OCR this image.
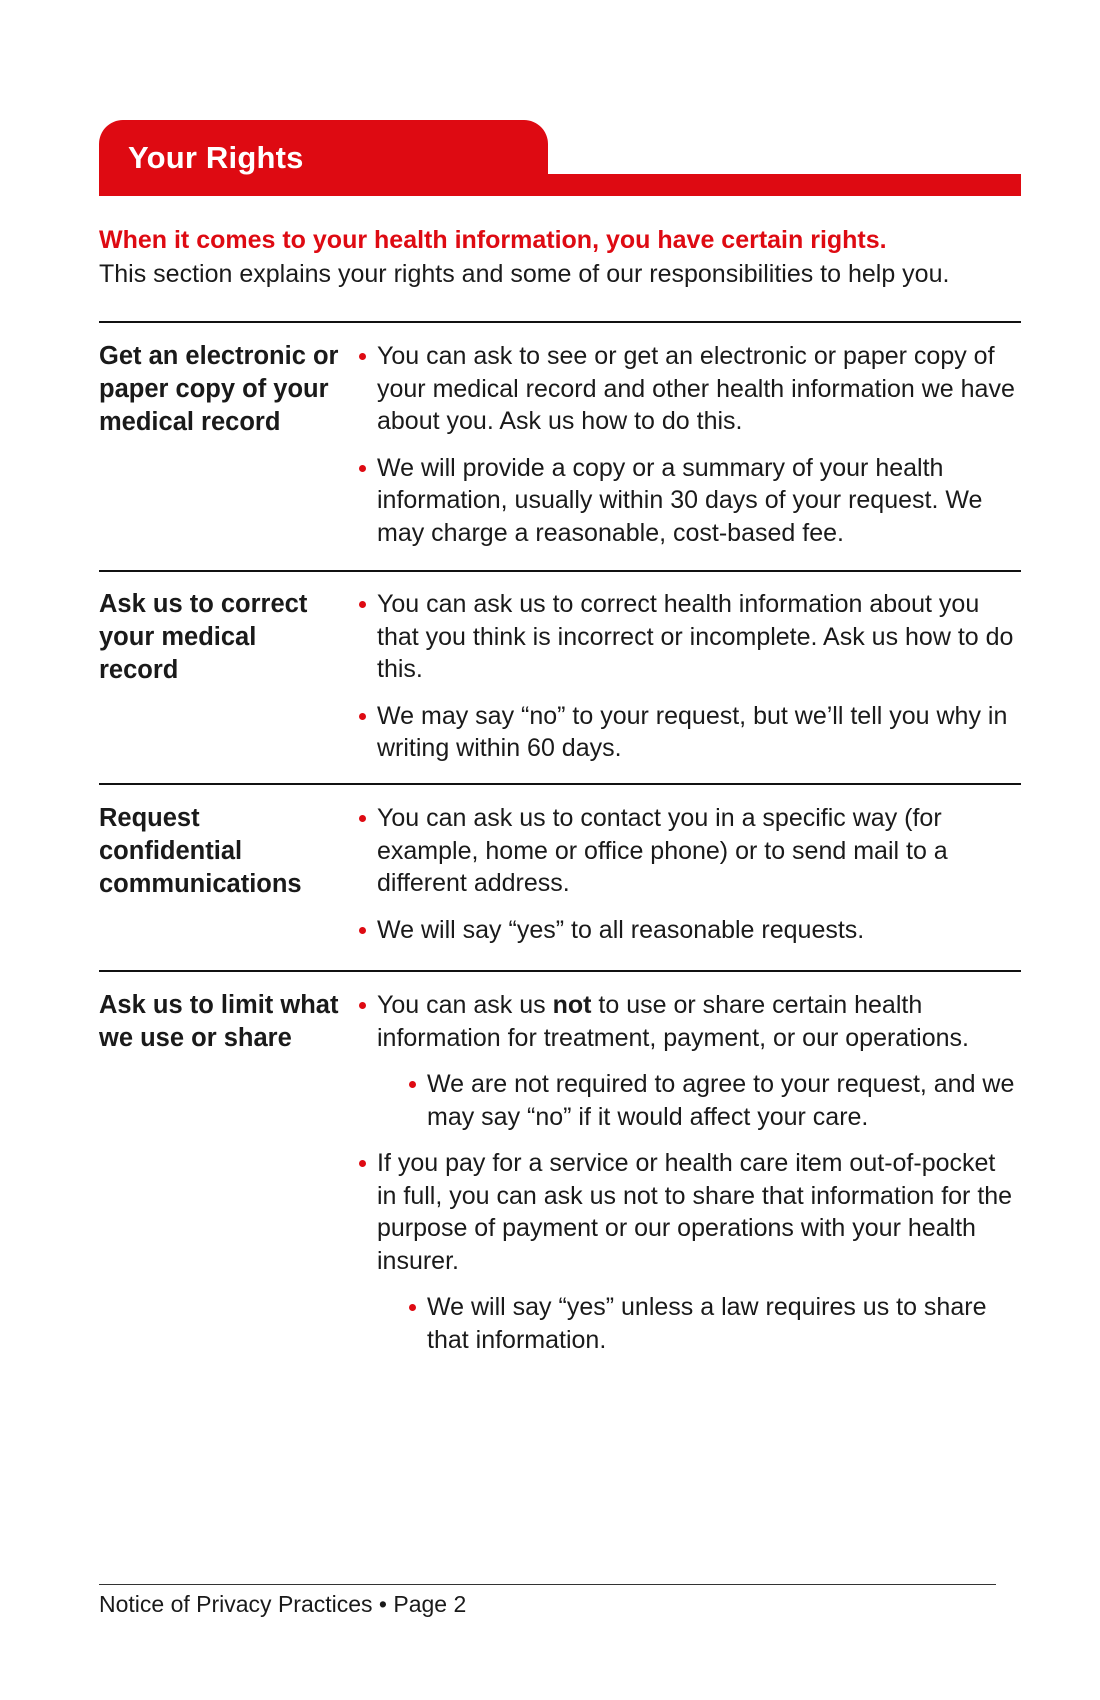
Your Rights

When it comes to your health information, you have certain rights.

This section explains your rights and some of our responsibilities to help you.

Get an electronic or paper copy of your medical record

You can ask to see or get an electronic or paper copy of your medical record and other health information we have about you. Ask us how to do this.

We will provide a copy or a summary of your health information, usually within 30 days of your request. We may charge a reasonable, cost-based fee.

Ask us to correct your medical record

You can ask us to correct health information about you that you think is incorrect or incomplete. Ask us how to do this.

We may say “no” to your request, but we’ll tell you why in writing within 60 days.

Request confidential communications

You can ask us to contact you in a specific way (for example, home or office phone) or to send mail to a different address.

We will say “yes” to all reasonable requests.

Ask us to limit what we use or share

You can ask us not to use or share certain health information for treatment, payment, or our operations.

We are not required to agree to your request, and we may say “no” if it would affect your care.

If you pay for a service or health care item out-of-pocket in full, you can ask us not to share that information for the purpose of payment or our operations with your health insurer.

We will say “yes” unless a law requires us to share that information.

Notice of Privacy Practices • Page 2
